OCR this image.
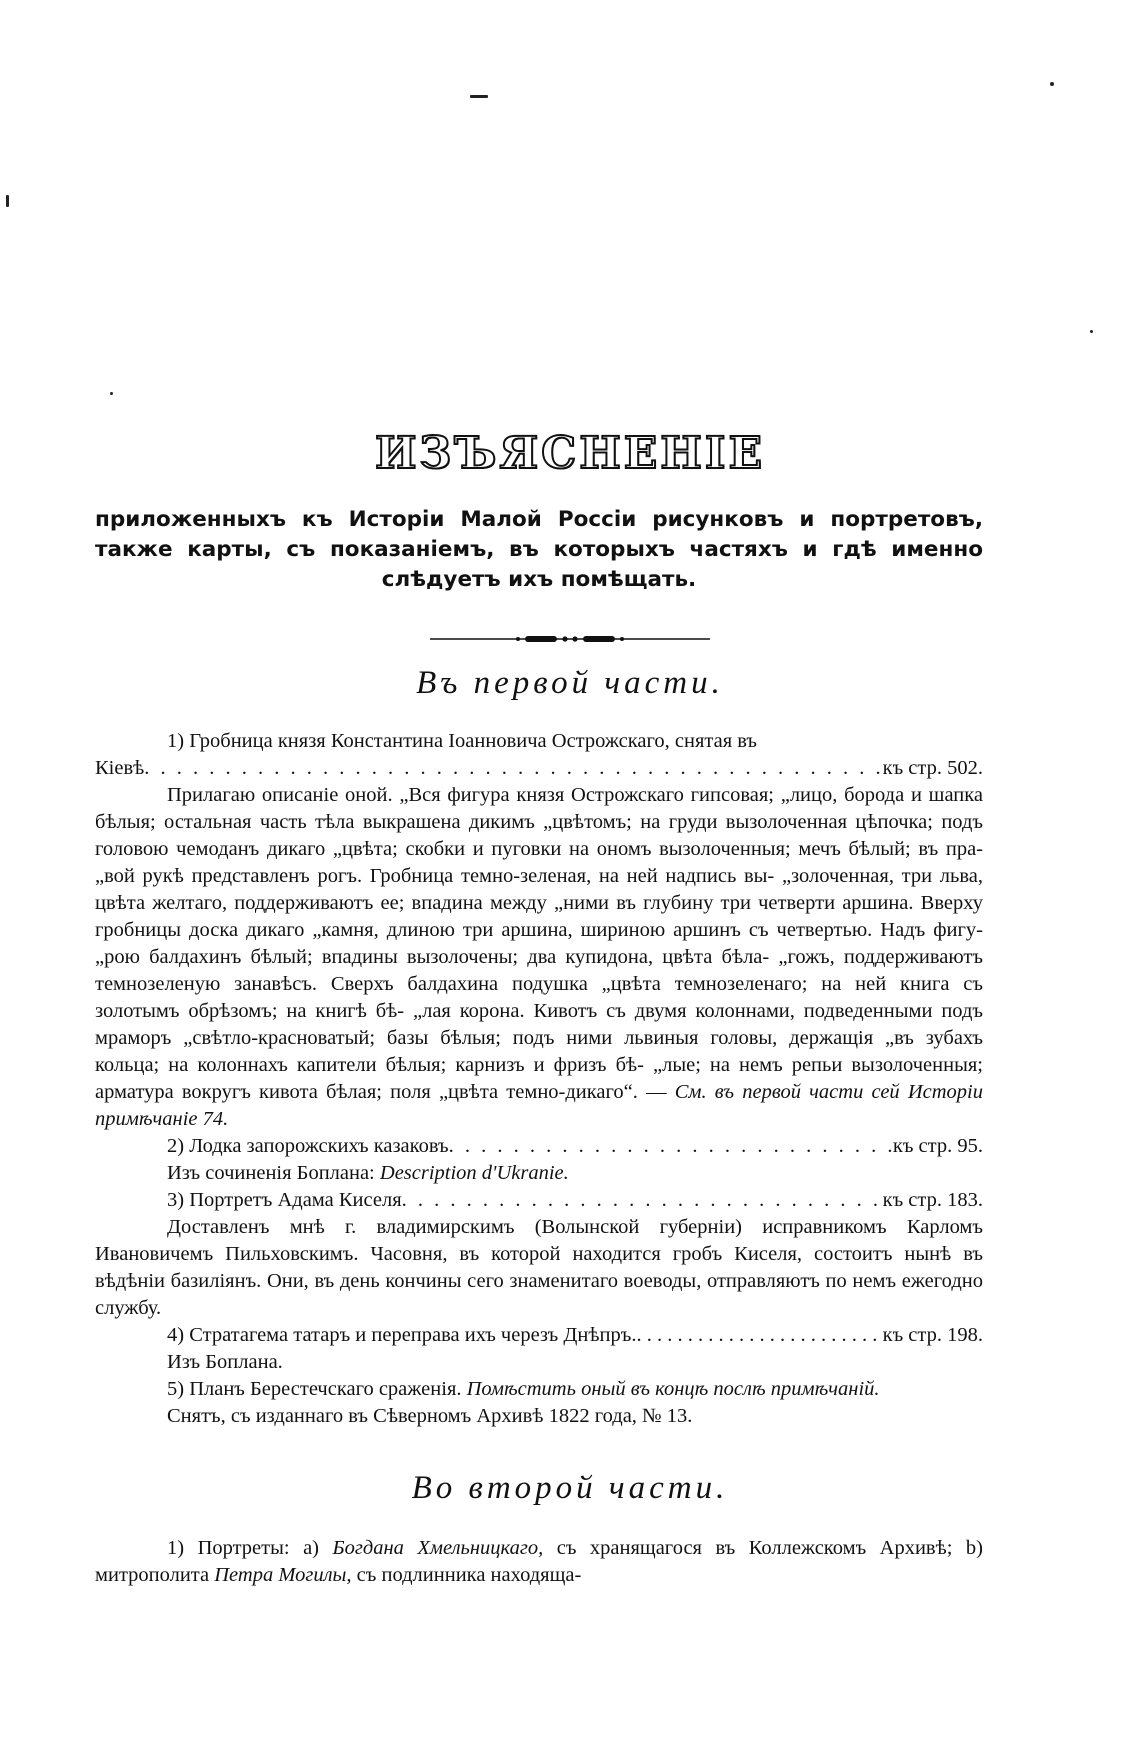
ИЗЪЯСНЕНІЕ
приложенныхъ къ Исторіи Малой Россіи рисунковъ и портретовъ, также карты, съ показаніемъ, въ которыхъ частяхъ и гдѣ именно слѣдуетъ ихъ помѣщать.
Въ первой части.

1) Гробница князя Константина Іоанновича Острожскаго, снятая въ

Кіевѣ . . .	къ стр. 502.

Прилагаю описаніе оной. „Вся фигура князя Острожскаго гипсовая; „лицо, борода и шапка бѣлыя; остальная часть тѣла выкрашена дикимъ „цвѣтомъ; на груди вызолоченная цѣпочка; подъ головою чемоданъ дикаго „цвѣта; скобки и пуговки на ономъ вызолоченныя; мечъ бѣлый; въ пра- „вой рукѣ представленъ рогъ. Гробница темно-зеленая, на ней надпись вы- „золоченная, три льва, цвѣта желтаго, поддерживаютъ ее; впадина между „ними въ глубину три четверти аршина. Вверху гробницы доска дикаго „камня, длиною три аршина, шириною аршинъ съ четвертью. Надъ фигу- „рою балдахинъ бѣлый; впадины вызолочены; два купидона, цвѣта бѣла- „гожъ, поддерживаютъ темнозеленую занавѣсъ. Сверхъ балдахина подушка „цвѣта темнозеленаго; на ней книга съ золотымъ обрѣзомъ; на книгѣ бѣ- „лая корона. Кивотъ съ двумя колоннами, подведенными подъ мраморъ „свѣтло-красноватый; базы бѣлыя; подъ ними львиныя головы, держащія „въ зубахъ кольца; на колоннахъ капители бѣлыя; карнизъ и фризъ бѣ- „лые; на немъ репьи вызолоченныя; арматура вокругъ кивота бѣлая; поля „цвѣта темно-дикаго“. — См. въ первой части сей Исторіи примѣчаніе 74.

2) Лодка запорожскихъ казаковъ . . .	къ стр. 95.

Изъ сочиненія Боплана: Description d'Ukranie.

3) Портретъ Адама Киселя . . .	къ стр. 183.

Доставленъ мнѣ г. владимирскимъ (Волынской губерніи) исправникомъ Карломъ Ивановичемъ Пильховскимъ. Часовня, въ которой находится гробъ Киселя, состоитъ нынѣ въ вѣдѣніи базиліянъ. Они, въ день кончины сего знаменитаго воеводы, отправляютъ по немъ ежегодно службу.

4) Стратагема татаръ и переправа ихъ черезъ Днѣпръ. . . .	къ стр. 198.

Изъ Боплана.

5) Планъ Берестечскаго сраженія. Помѣстить оный въ концѣ послѣ примѣчаній.

Снятъ, съ изданнаго въ Сѣверномъ Архивѣ 1822 года, № 13.

Во второй части.

1) Портреты: a) Богдана Хмельницкаго, съ хранящагося въ Коллежскомъ Архивѣ; b) митрополита Петра Могилы, съ подлинника находяща-
